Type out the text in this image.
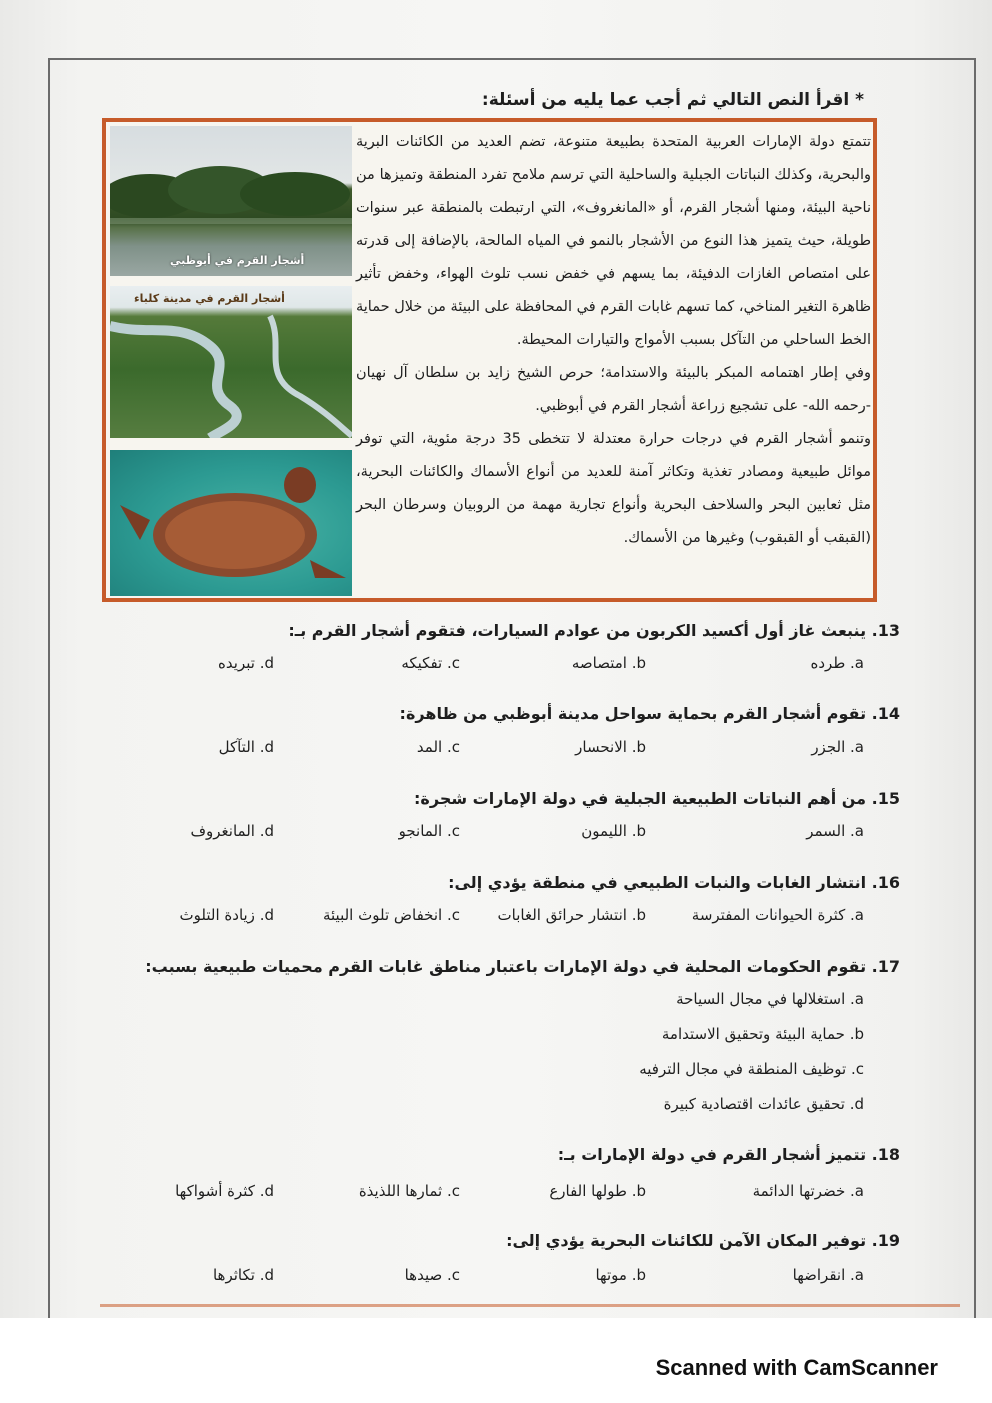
* اقرأ النص التالي ثم أجب عما يليه من أسئلة:

تتمتع دولة الإمارات العربية المتحدة بطبيعة متنوعة، تضم العديد من الكائنات البرية والبحرية، وكذلك النباتات الجبلية والساحلية التي ترسم ملامح تفرد المنطقة وتميزها من ناحية البيئة، ومنها أشجار القرم، أو «المانغروف»، التي ارتبطت بالمنطقة عبر سنوات طويلة، حيث يتميز هذا النوع من الأشجار بالنمو في المياه المالحة، بالإضافة إلى قدرته على امتصاص الغازات الدفيئة، بما يسهم في خفض نسب تلوث الهواء، وخفض تأثير ظاهرة التغير المناخي، كما تسهم غابات القرم في المحافظة على البيئة من خلال حماية الخط الساحلي من التآكل بسبب الأمواج والتيارات المحيطة.

وفي إطار اهتمامه المبكر بالبيئة والاستدامة؛ حرص الشيخ زايد بن سلطان آل نهيان -رحمه الله- على تشجيع زراعة أشجار القرم في أبوظبي.

وتنمو أشجار القرم في درجات حرارة معتدلة لا تتخطى 35 درجة مئوية، التي توفر موائل طبيعية ومصادر تغذية وتكاثر آمنة للعديد من أنواع الأسماك والكائنات البحرية، مثل ثعابين البحر والسلاحف البحرية وأنواع تجارية مهمة من الروبيان وسرطان البحر (القبقب أو القبقوب) وغيرها من الأسماك.

أشجار القرم في أبوظبي
أشجار القرم في مدينة كلباء
13. ينبعث غاز أول أكسيد الكربون من عوادم السيارات، فتقوم أشجار القرم بـ:
a. طرده
b. امتصاصه
c. تفكيكه
d. تبريده
14. تقوم أشجار القرم بحماية سواحل مدينة أبوظبي من ظاهرة:
a. الجزر
b. الانحسار
c. المد
d. التآكل
15. من أهم النباتات الطبيعية الجبلية في دولة الإمارات شجرة:
a. السمر
b. الليمون
c. المانجو
d. المانغروف
16. انتشار الغابات والنبات الطبيعي في منطقة يؤدي إلى:
a. كثرة الحيوانات المفترسة
b. انتشار حرائق الغابات
c. انخفاض تلوث البيئة
d. زيادة التلوث
17. تقوم الحكومات المحلية في دولة الإمارات باعتبار مناطق غابات القرم محميات طبيعية بسبب:
a. استغلالها في مجال السياحة
b. حماية البيئة وتحقيق الاستدامة
c. توظيف المنطقة في مجال الترفيه
d. تحقيق عائدات اقتصادية كبيرة
18. تتميز أشجار القرم في دولة الإمارات بـ:
a. خضرتها الدائمة
b. طولها الفارع
c. ثمارها اللذيذة
d. كثرة أشواكها
19. توفير المكان الآمن للكائنات البحرية يؤدي إلى:
a. انقراضها
b. موتها
c. صيدها
d. تكاثرها
Scanned with CamScanner
